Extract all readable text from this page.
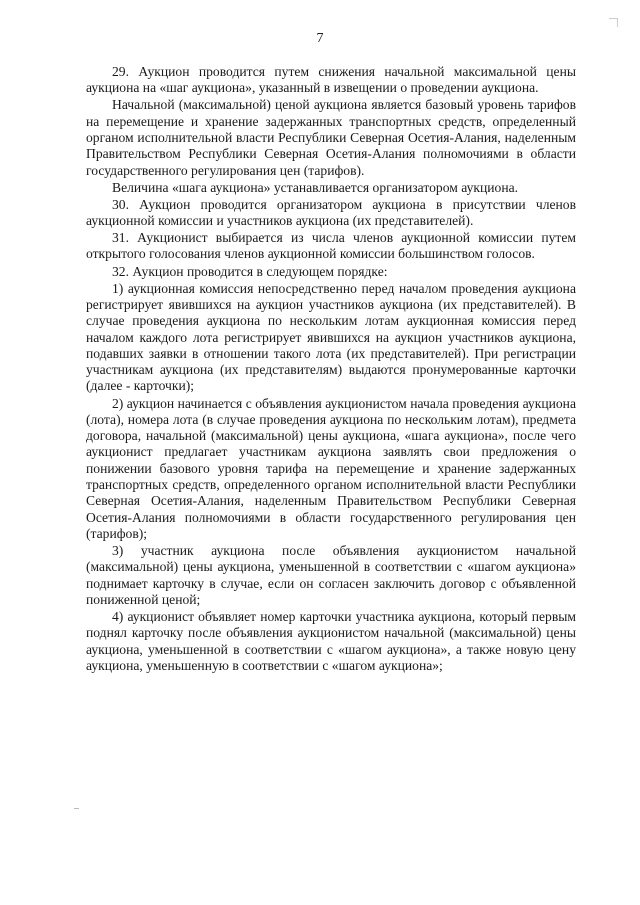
7

29. Аукцион проводится путем снижения начальной максимальной цены аукциона на «шаг аукциона», указанный в извещении о проведении аукциона.

Начальной (максимальной) ценой аукциона является базовый уровень тарифов на перемещение и хранение задержанных транспортных средств, определенный органом исполнительной власти Республики Северная Осетия-Алания, наделенным Правительством Республики Северная Осетия-Алания полномочиями в области государственного регулирования цен (тарифов).

Величина «шага аукциона» устанавливается организатором аукциона.

30. Аукцион проводится организатором аукциона в присутствии членов аукционной комиссии и участников аукциона (их представителей).

31. Аукционист выбирается из числа членов аукционной комиссии путем открытого голосования членов аукционной комиссии большинством голосов.

32. Аукцион проводится в следующем порядке:

1) аукционная комиссия непосредственно перед началом проведения аукциона регистрирует явившихся на аукцион участников аукциона (их представителей). В случае проведения аукциона по нескольким лотам аукционная комиссия перед началом каждого лота регистрирует явившихся на аукцион участников аукциона, подавших заявки в отношении такого лота (их представителей). При регистрации участникам аукциона (их представителям) выдаются пронумерованные карточки (далее - карточки);

2) аукцион начинается с объявления аукционистом начала проведения аукциона (лота), номера лота (в случае проведения аукциона по нескольким лотам), предмета договора, начальной (максимальной) цены аукциона, «шага аукциона», после чего аукционист предлагает участникам аукциона заявлять свои предложения о понижении базового уровня тарифа на перемещение и хранение задержанных транспортных средств, определенного органом исполнительной власти Республики Северная Осетия-Алания, наделенным Правительством Республики Северная Осетия-Алания полномочиями в области государственного регулирования цен (тарифов);

3) участник аукциона после объявления аукционистом начальной (максимальной) цены аукциона, уменьшенной в соответствии с «шагом аукциона» поднимает карточку в случае, если он согласен заключить договор с объявленной пониженной ценой;

4) аукционист объявляет номер карточки участника аукциона, который первым поднял карточку после объявления аукционистом начальной (максимальной) цены аукциона, уменьшенной в соответствии с «шагом аукциона», а также новую цену аукциона, уменьшенную в соответствии с «шагом аукциона»;
